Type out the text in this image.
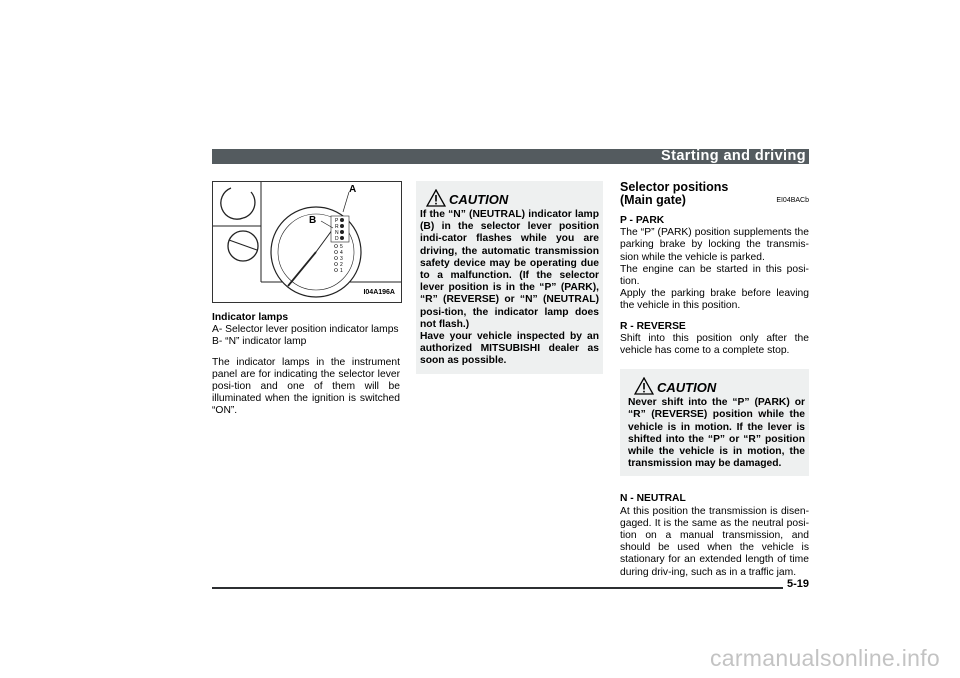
Starting and driving
A
B	P
R
N
D
5
4
3
2
1
I04A196A
Indicator lamps

A- Selector lever position indicator lamps

B- “N” indicator lamp

The indicator lamps in the instrument panel are for indicating the selector lever posi-tion and one of them will be illuminated when the ignition is switched “ON”.

CAUTION

If the “N” (NEUTRAL) indicator lamp (B) in the selector lever position indi-cator flashes while you are driving, the automatic transmission safety device may be operating due to a malfunction. (If the selector lever position is in the “P” (PARK), “R” (REVERSE) or “N” (NEUTRAL) posi-tion, the indicator lamp does not flash.)

Have your vehicle inspected by an authorized MITSUBISHI dealer as soon as possible.

Selector positions
(Main gate)	EI04BACb
P - PARK

The “P” (PARK) position supplements the parking brake by locking the transmis-sion while the vehicle is parked.

The engine can be started in this posi-tion.

Apply the parking brake before leaving the vehicle in this position.

R - REVERSE

Shift into this position only after the vehicle has come to a complete stop.

CAUTION

Never shift into the “P” (PARK) or “R” (REVERSE) position while the vehicle is in motion. If the lever is shifted into the “P” or “R” position while the vehicle is in motion, the transmission may be damaged.

N - NEUTRAL

At this position the transmission is disen-gaged. It is the same as the neutral posi-tion on a manual transmission, and should be used when the vehicle is stationary for an extended length of time during driv-ing, such as in a traffic jam.

5-19
carmanualsonline.info
